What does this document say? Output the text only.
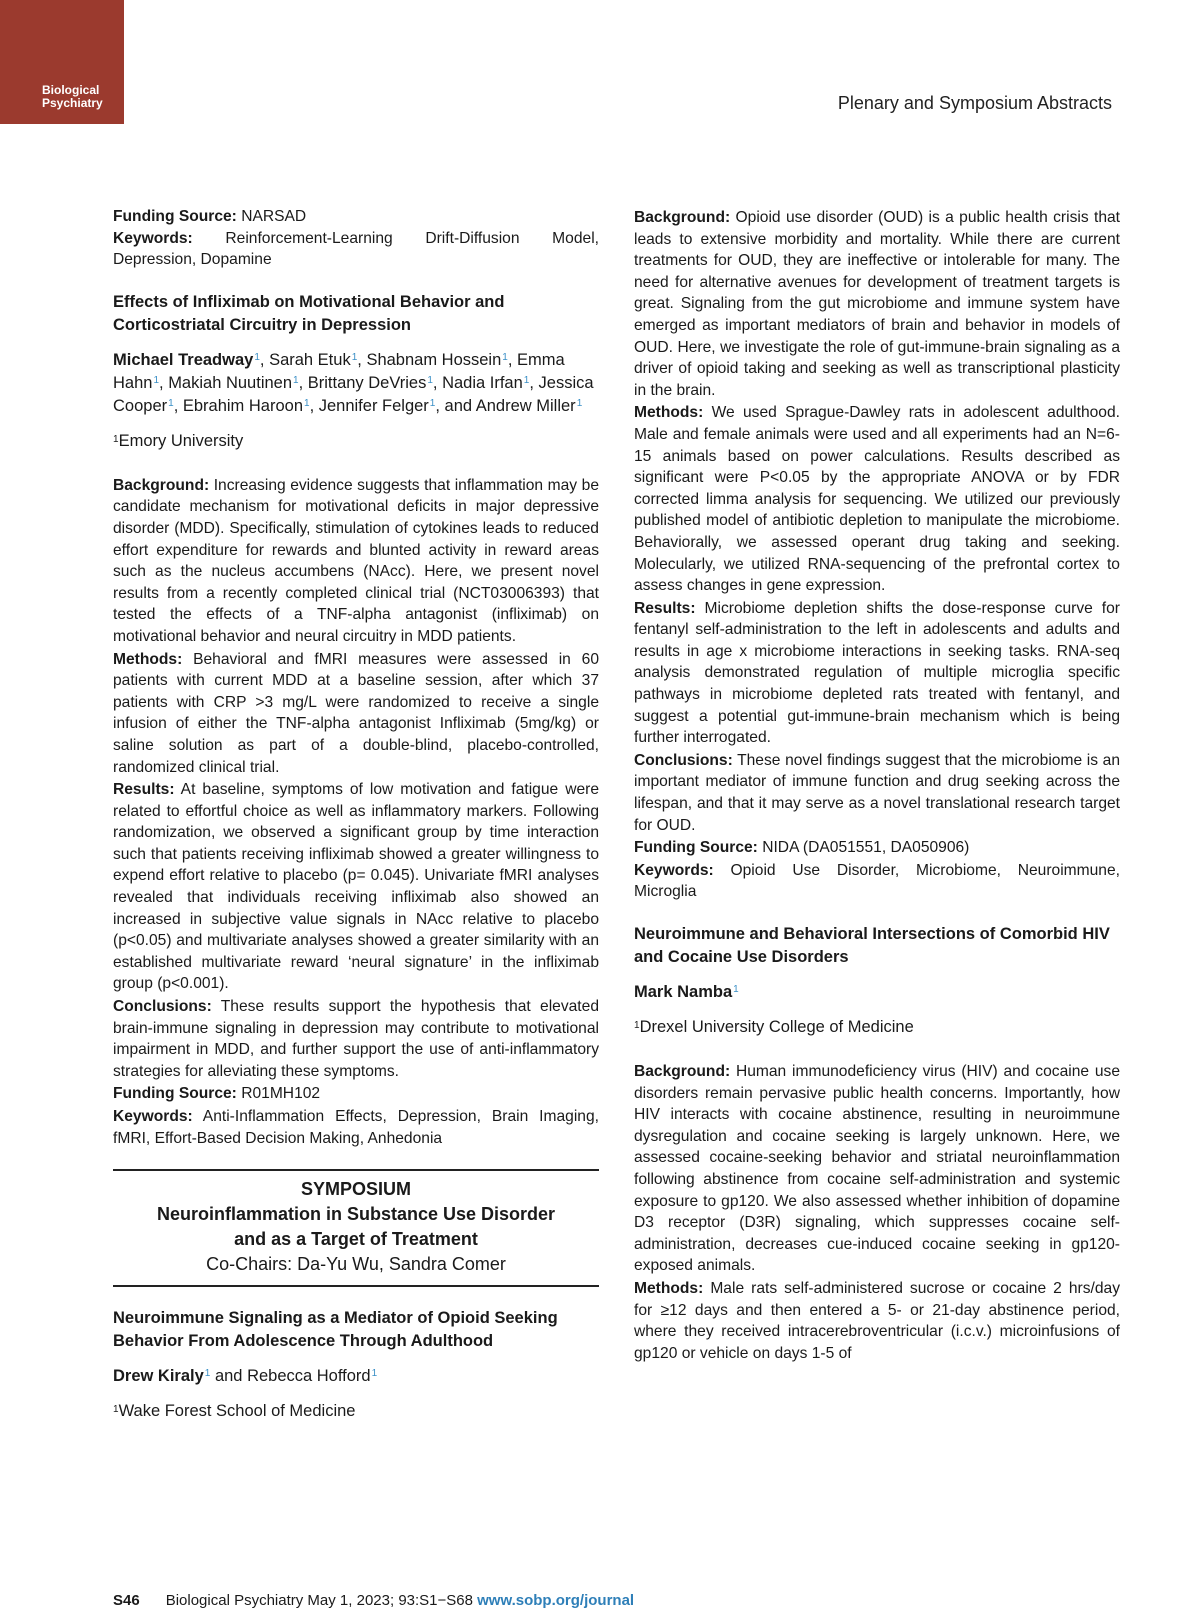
Biological
Psychiatry	Plenary and Symposium Abstracts

Funding Source: NARSAD

Keywords: Reinforcement-Learning Drift-Diffusion Model, Depression, Dopamine

Effects of Infliximab on Motivational Behavior and Corticostriatal Circuitry in Depression
Michael Treadway$^1$, Sarah Etuk$^1$, Shabnam Hossein$^1$, Emma Hahn$^1$, Makiah Nuutinen$^1$, Brittany DeVries$^1$, Nadia Irfan$^1$, Jessica Cooper$^1$, Ebrahim Haroon$^1$, Jennifer Felger$^1$, and Andrew Miller$^1$
$^1$Emory University

Background: Increasing evidence suggests that inflammation may be candidate mechanism for motivational deficits in major depressive disorder (MDD). Specifically, stimulation of cytokines leads to reduced effort expenditure for rewards and blunted activity in reward areas such as the nucleus accumbens (NAcc). Here, we present novel results from a recently completed clinical trial (NCT03006393) that tested the effects of a TNF-alpha antagonist (infliximab) on motivational behavior and neural circuitry in MDD patients.

Methods: Behavioral and fMRI measures were assessed in 60 patients with current MDD at a baseline session, after which 37 patients with CRP >3 mg/L were randomized to receive a single infusion of either the TNF-alpha antagonist Infliximab (5mg/kg) or saline solution as part of a double-blind, placebo-controlled, randomized clinical trial.

Results: At baseline, symptoms of low motivation and fatigue were related to effortful choice as well as inflammatory markers. Following randomization, we observed a significant group by time interaction such that patients receiving infliximab showed a greater willingness to expend effort relative to placebo (p= 0.045). Univariate fMRI analyses revealed that individuals receiving infliximab also showed an increased in subjective value signals in NAcc relative to placebo (p<0.05) and multivariate analyses showed a greater similarity with an established multivariate reward ‘neural signature’ in the infliximab group (p<0.001).

Conclusions: These results support the hypothesis that elevated brain-immune signaling in depression may contribute to motivational impairment in MDD, and further support the use of anti-inflammatory strategies for alleviating these symptoms.

Funding Source: R01MH102

Keywords: Anti-Inflammation Effects, Depression, Brain Imaging, fMRI, Effort-Based Decision Making, Anhedonia

SYMPOSIUM
Neuroinflammation in Substance Use Disorder
and as a Target of Treatment
Co-Chairs: Da-Yu Wu, Sandra Comer
Neuroimmune Signaling as a Mediator of Opioid Seeking Behavior From Adolescence Through Adulthood
Drew Kiraly$^1$ and Rebecca Hofford$^1$
$^1$Wake Forest School of Medicine

Background: Opioid use disorder (OUD) is a public health crisis that leads to extensive morbidity and mortality. While there are current treatments for OUD, they are ineffective or intolerable for many. The need for alternative avenues for development of treatment targets is great. Signaling from the gut microbiome and immune system have emerged as important mediators of brain and behavior in models of OUD. Here, we investigate the role of gut-immune-brain signaling as a driver of opioid taking and seeking as well as transcriptional plasticity in the brain.

Methods: We used Sprague-Dawley rats in adolescent adulthood. Male and female animals were used and all experiments had an N=6-15 animals based on power calculations. Results described as significant were P<0.05 by the appropriate ANOVA or by FDR corrected limma analysis for sequencing. We utilized our previously published model of antibiotic depletion to manipulate the microbiome. Behaviorally, we assessed operant drug taking and seeking. Molecularly, we utilized RNA-sequencing of the prefrontal cortex to assess changes in gene expression.

Results: Microbiome depletion shifts the dose-response curve for fentanyl self-administration to the left in adolescents and adults and results in age x microbiome interactions in seeking tasks. RNA-seq analysis demonstrated regulation of multiple microglia specific pathways in microbiome depleted rats treated with fentanyl, and suggest a potential gut-immune-brain mechanism which is being further interrogated.

Conclusions: These novel findings suggest that the microbiome is an important mediator of immune function and drug seeking across the lifespan, and that it may serve as a novel translational research target for OUD.

Funding Source: NIDA (DA051551, DA050906)

Keywords: Opioid Use Disorder, Microbiome, Neuroimmune, Microglia

Neuroimmune and Behavioral Intersections of Comorbid HIV and Cocaine Use Disorders
Mark Namba$^1$
$^1$Drexel University College of Medicine

Background: Human immunodeficiency virus (HIV) and cocaine use disorders remain pervasive public health concerns. Importantly, how HIV interacts with cocaine abstinence, resulting in neuroimmune dysregulation and cocaine seeking is largely unknown. Here, we assessed cocaine-seeking behavior and striatal neuroinflammation following abstinence from cocaine self-administration and systemic exposure to gp120. We also assessed whether inhibition of dopamine D3 receptor (D3R) signaling, which suppresses cocaine self-administration, decreases cue-induced cocaine seeking in gp120-exposed animals.

Methods: Male rats self-administered sucrose or cocaine 2 hrs/day for ≥12 days and then entered a 5- or 21-day abstinence period, where they received intracerebroventricular (i.c.v.) microinfusions of gp120 or vehicle on days 1-5 of

S46 Biological Psychiatry May 1, 2023; 93:S1−S68 www.sobp.org/journal
